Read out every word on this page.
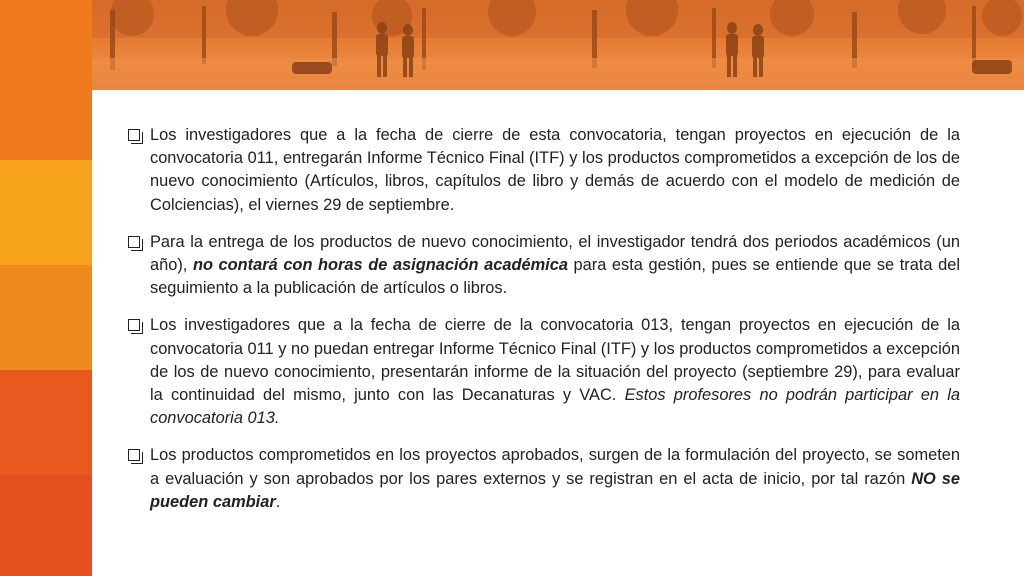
Los investigadores que a la fecha de cierre de esta convocatoria, tengan proyectos en ejecución de la convocatoria 011, entregarán Informe Técnico Final (ITF) y los productos comprometidos a excepción de los de nuevo conocimiento (Artículos, libros, capítulos de libro y demás de acuerdo con el modelo de medición de Colciencias), el viernes 29 de septiembre.

Para la entrega de los productos de nuevo conocimiento, el investigador tendrá dos periodos académicos (un año), no contará con horas de asignación académica para esta gestión, pues se entiende que se trata del seguimiento a la publicación de artículos o libros.

Los investigadores que a la fecha de cierre de la convocatoria 013, tengan proyectos en ejecución de la convocatoria 011 y no puedan entregar Informe Técnico Final (ITF) y los productos comprometidos a excepción de los de nuevo conocimiento, presentarán informe de la situación del proyecto (septiembre 29), para evaluar la continuidad del mismo, junto con las Decanaturas y VAC. Estos profesores no podrán participar en la convocatoria 013.

Los productos comprometidos en los proyectos aprobados, surgen de la formulación del proyecto, se someten a evaluación y son aprobados por los pares externos y se registran en el acta de inicio, por tal razón NO se pueden cambiar.
